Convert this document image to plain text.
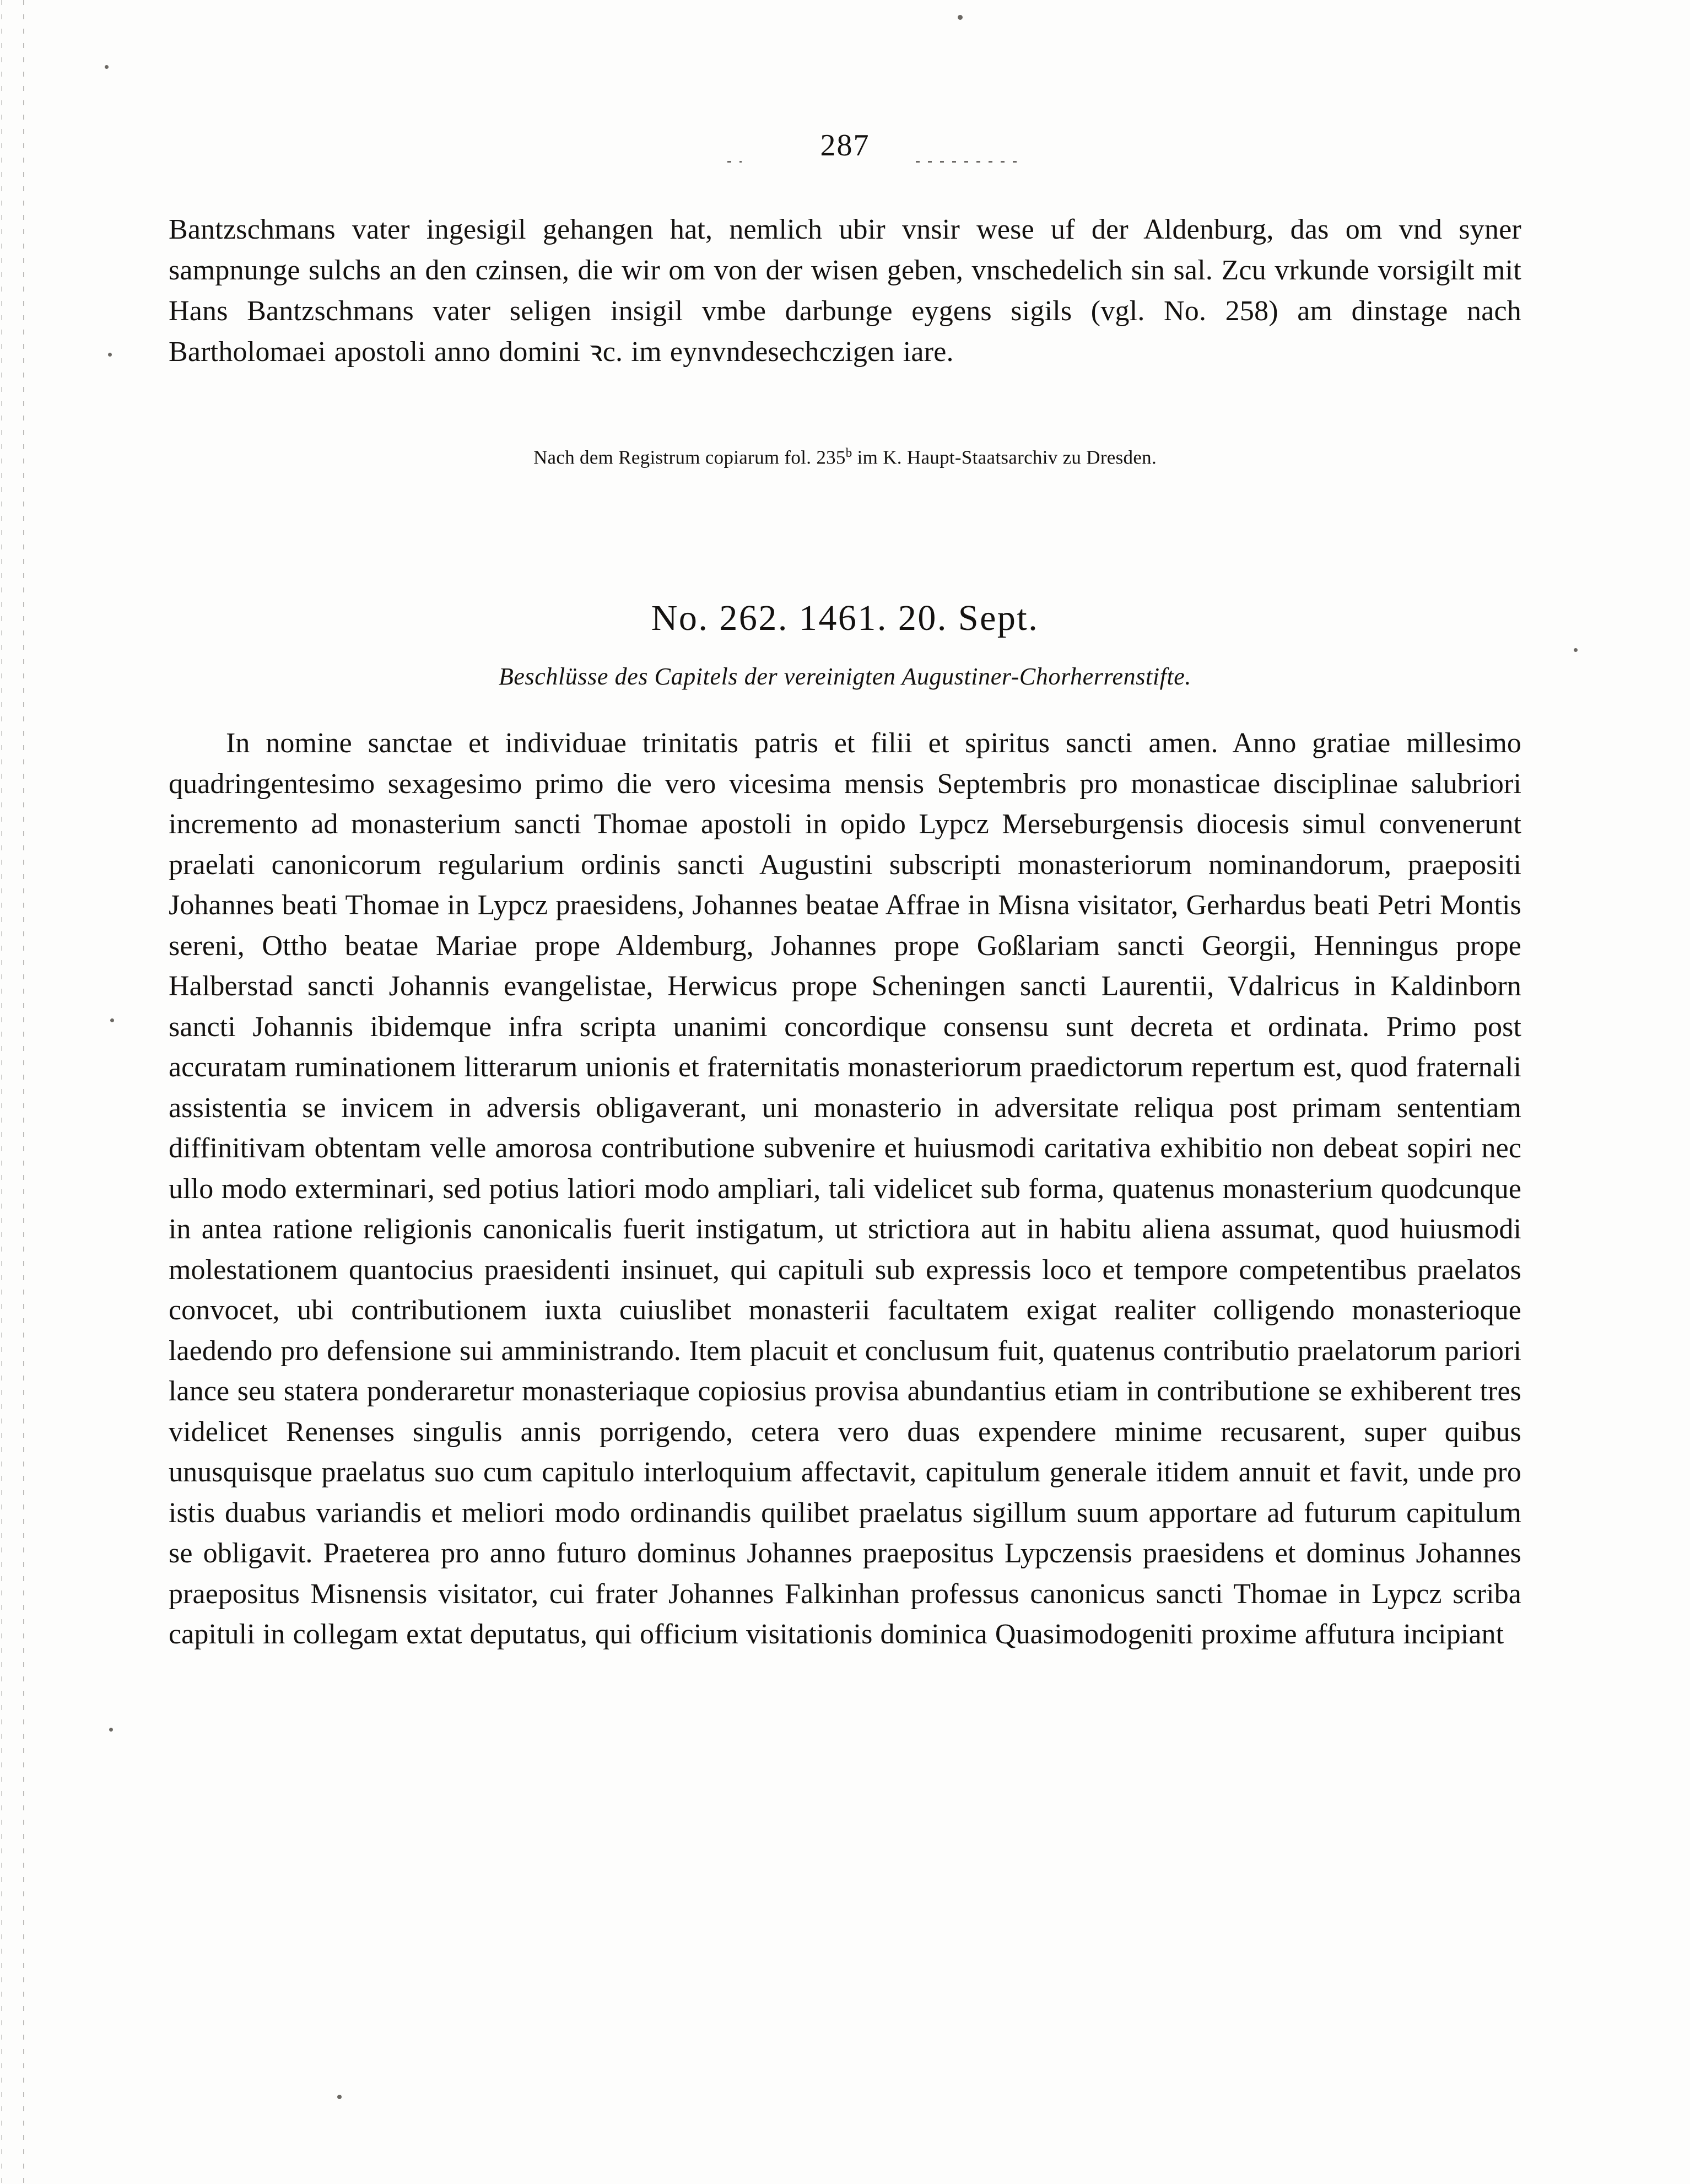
287

Bantzschmans vater ingesigil gehangen hat, nemlich ubir vnsir wese uf der Aldenburg, das om vnd syner sampnunge sulchs an den czinsen, die wir om von der wisen geben, vnschedelich sin sal. Zcu vrkunde vorsigilt mit Hans Bantzschmans vater seligen insigil vmbe darbunge eygens sigils (vgl. No. 258) am dinstage nach Bartholomaei apostoli anno domini ꝛc. im eynvndesechczigen iare.

Nach dem Registrum copiarum fol. 235$^b$ im K. Haupt-Staatsarchiv zu Dresden.

No. 262. 1461. 20. Sept.
Beschlüsse des Capitels der vereinigten Augustiner-Chorherrenstifte.

In nomine sanctae et individuae trinitatis patris et filii et spiritus sancti amen. Anno gratiae millesimo quadringentesimo sexagesimo primo die vero vicesima mensis Septembris pro monasticae disciplinae salubriori incremento ad monasterium sancti Thomae apostoli in opido Lypcz Merseburgensis diocesis simul convenerunt praelati canonicorum regularium ordinis sancti Augustini subscripti monasteriorum nominandorum, praepositi Johannes beati Thomae in Lypcz praesidens, Johannes beatae Affrae in Misna visitator, Gerhardus beati Petri Montis sereni, Ottho beatae Mariae prope Aldemburg, Johannes prope Goßlariam sancti Georgii, Henningus prope Halberstad sancti Johannis evangelistae, Herwicus prope Scheningen sancti Laurentii, Vdalricus in Kaldinborn sancti Johannis ibidemque infra scripta unanimi concordique consensu sunt decreta et ordinata. Primo post accuratam ruminationem litterarum unionis et fraternitatis monasteriorum praedictorum repertum est, quod fraternali assistentia se invicem in adversis obligaverant, uni monasterio in adversitate reliqua post primam sententiam diffinitivam obtentam velle amorosa contributione subvenire et huiusmodi caritativa exhibitio non debeat sopiri nec ullo modo exterminari, sed potius latiori modo ampliari, tali videlicet sub forma, quatenus monasterium quodcunque in antea ratione religionis canonicalis fuerit instigatum, ut strictiora aut in habitu aliena assumat, quod huiusmodi molestationem quantocius praesidenti insinuet, qui capituli sub expressis loco et tempore competentibus praelatos convocet, ubi contributionem iuxta cuiuslibet monasterii facultatem exigat realiter colligendo monasterioque laedendo pro defensione sui amministrando. Item placuit et conclusum fuit, quatenus contributio praelatorum pariori lance seu statera ponderaretur monasteriaque copiosius provisa abundantius etiam in contributione se exhiberent tres videlicet Renenses singulis annis porrigendo, cetera vero duas expendere minime recusarent, super quibus unusquisque praelatus suo cum capitulo interloquium affectavit, capitulum generale itidem annuit et favit, unde pro istis duabus variandis et meliori modo ordinandis quilibet praelatus sigillum suum apportare ad futurum capitulum se obligavit. Praeterea pro anno futuro dominus Johannes praepositus Lypczensis praesidens et dominus Johannes praepositus Misnensis visitator, cui frater Johannes Falkinhan professus canonicus sancti Thomae in Lypcz scriba capituli in collegam extat deputatus, qui officium visitationis dominica Quasimodogeniti proxime affutura incipiant
